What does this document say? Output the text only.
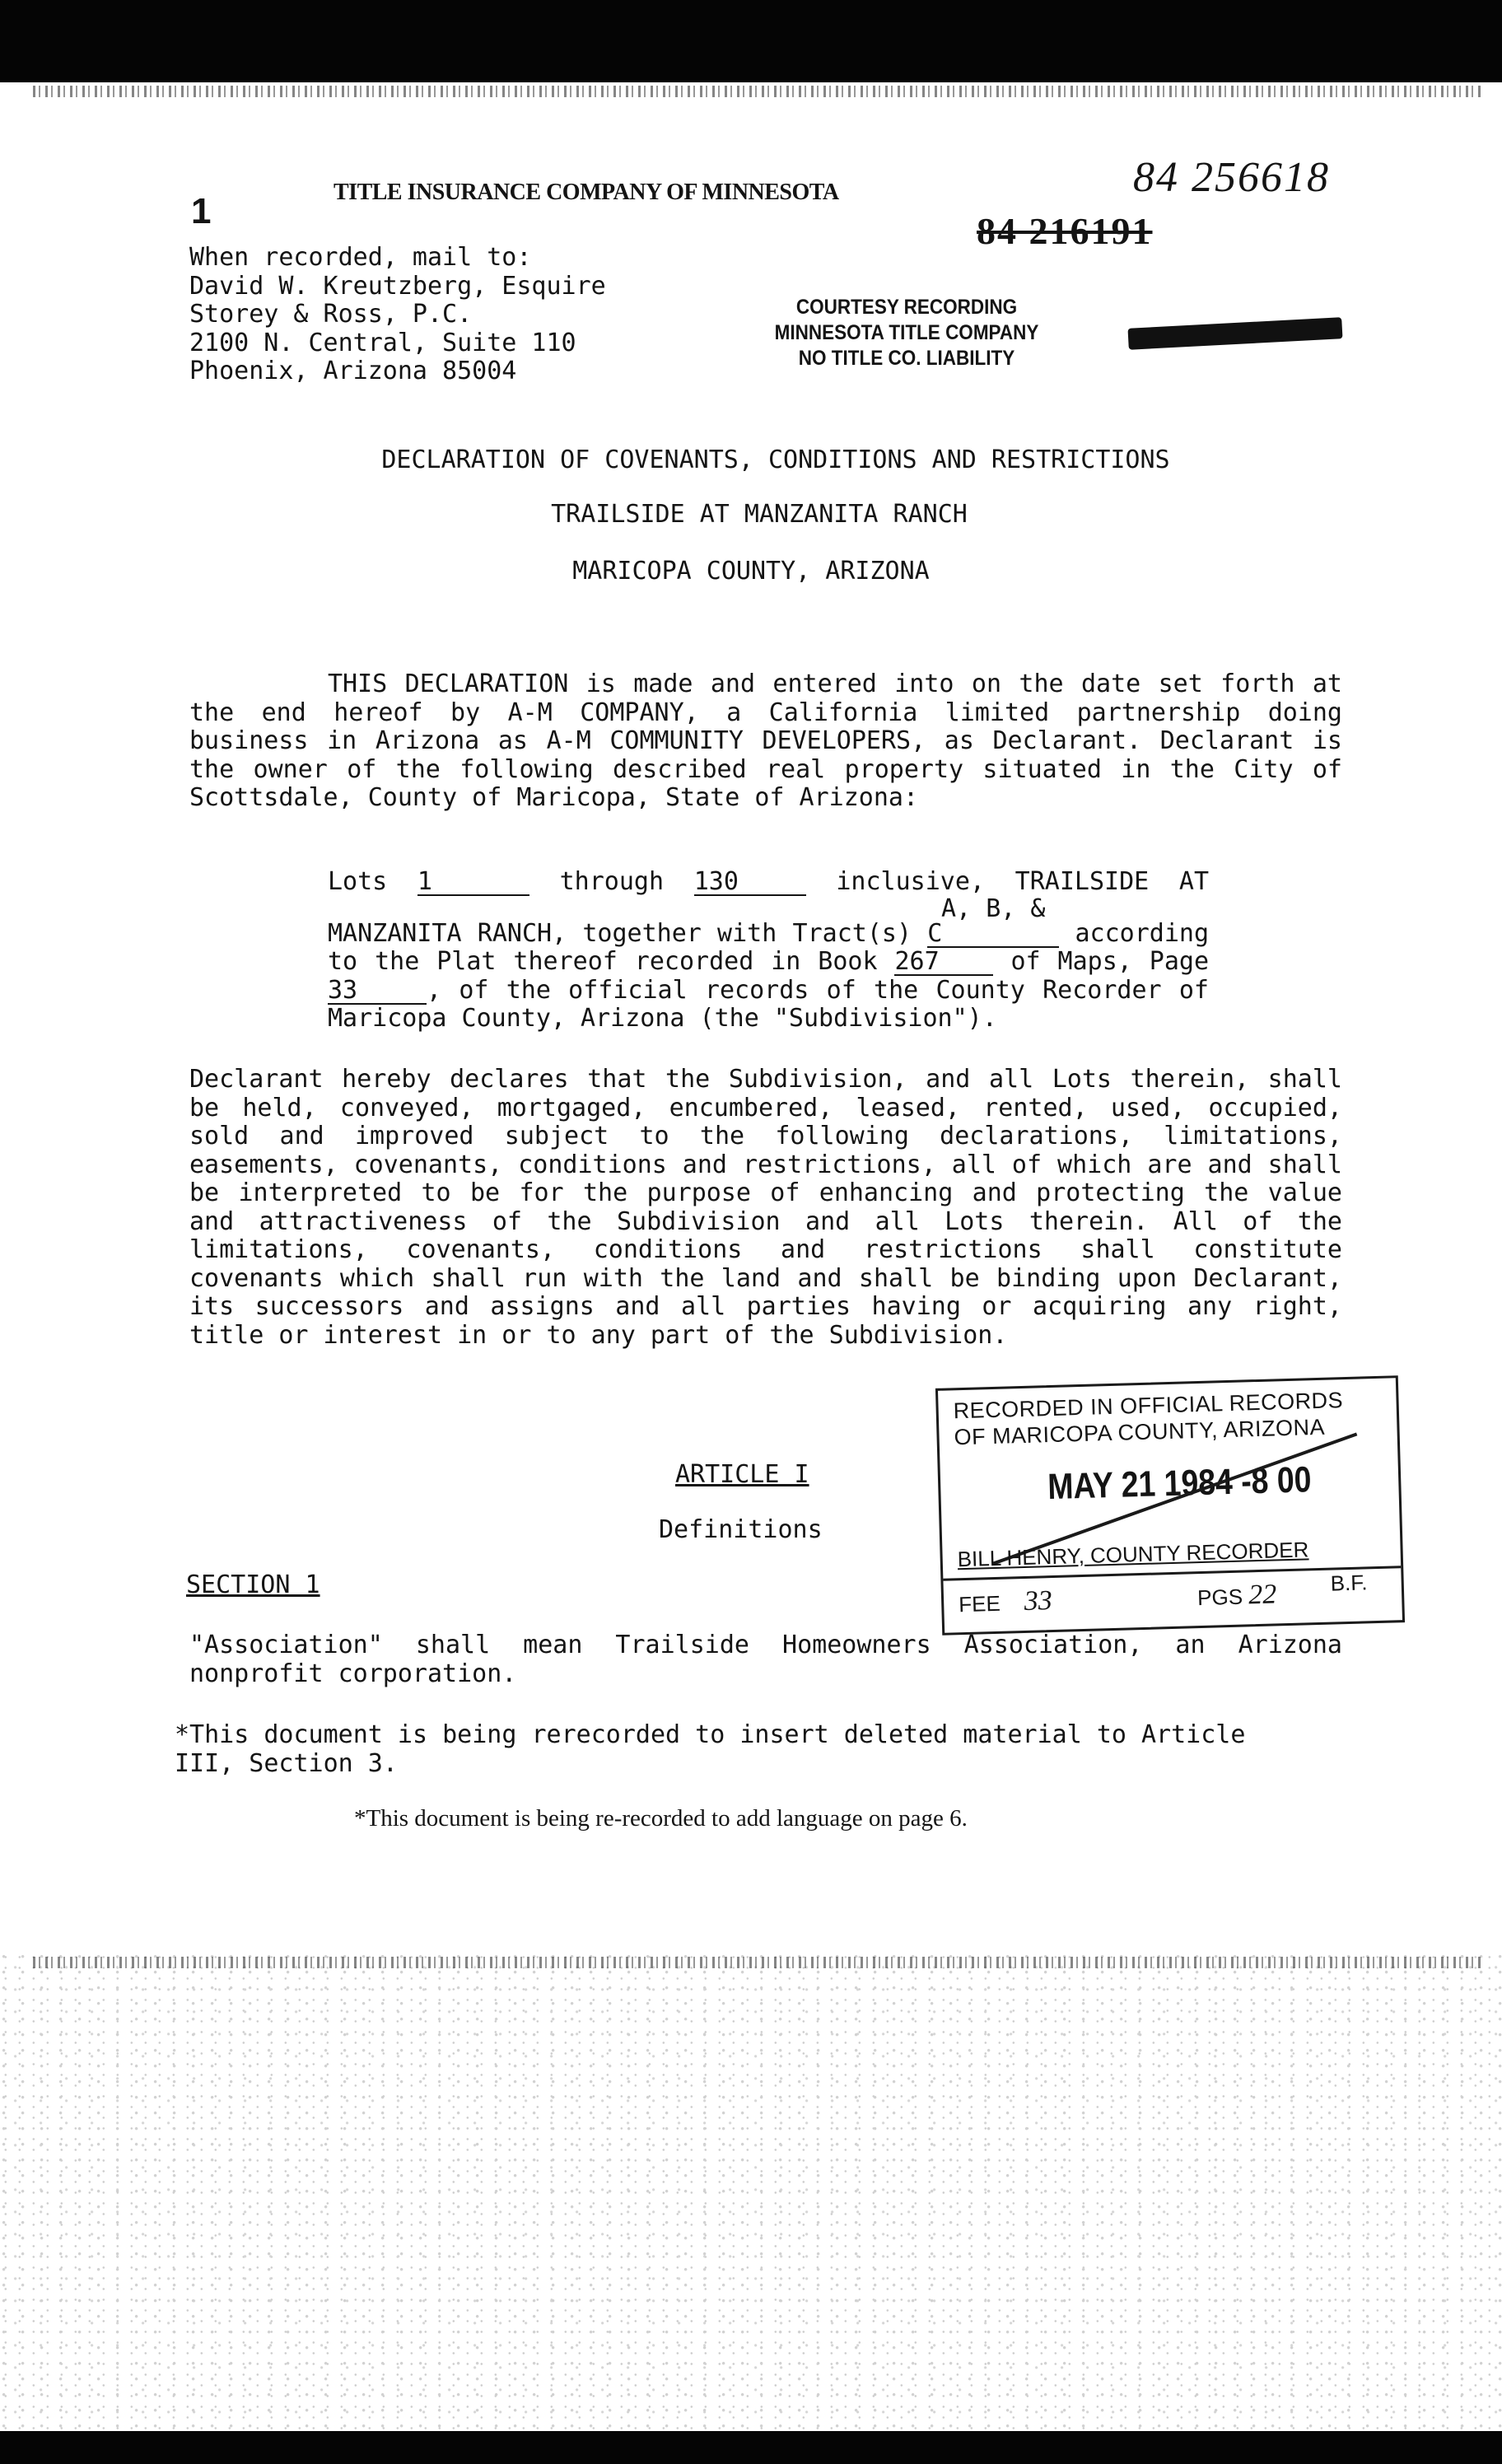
1	TITLE INSURANCE COMPANY OF MINNESOTA	84 256618
84 216191
When recorded, mail to:
David W. Kreutzberg, Esquire
Storey & Ross, P.C.
2100 N. Central, Suite 110
Phoenix, Arizona 85004
COURTESY RECORDING
MINNESOTA TITLE COMPANY
NO TITLE CO. LIABILITY
DECLARATION OF COVENANTS, CONDITIONS AND RESTRICTIONS
TRAILSIDE AT MANZANITA RANCH
MARICOPA COUNTY, ARIZONA
THIS DECLARATION is made and entered into on the date set forth at the end hereof by A-M COMPANY, a California limited partnership doing business in Arizona as A-M COMMUNITY DEVELOPERS, as Declarant. Declarant is the owner of the following described real property situated in the City of Scottsdale, County of Maricopa, State of Arizona:
Lots 1	through 130	inclusive, TRAILSIDE AT MANZANITA RANCH, together with Tract(s) A, B, & C	according to the Plat thereof recorded in Book 267	of Maps, Page 33	, of the official records of the County Recorder of Maricopa County, Arizona (the "Subdivision").
Declarant hereby declares that the Subdivision, and all Lots therein, shall be held, conveyed, mortgaged, encumbered, leased, rented, used, occupied, sold and improved subject to the following declarations, limitations, easements, covenants, conditions and restrictions, all of which are and shall be interpreted to be for the purpose of enhancing and protecting the value and attractiveness of the Subdivision and all Lots therein. All of the limitations, covenants, conditions and restrictions shall constitute covenants which shall run with the land and shall be binding upon Declarant, its successors and assigns and all parties having or acquiring any right, title or interest in or to any part of the Subdivision.
RECORDED IN OFFICIAL RECORDS
OF MARICOPA COUNTY, ARIZONA
MAY 21 1984 -8 00
BILL HENRY, COUNTY RECORDER
FEE 33	PGS 22 B.F.
ARTICLE I
Definitions
SECTION 1
"Association" shall mean Trailside Homeowners Association, an Arizona nonprofit corporation.
*This document is being rerecorded to insert deleted material to Article III, Section 3.
*This document is being re-recorded to add language on page 6.
